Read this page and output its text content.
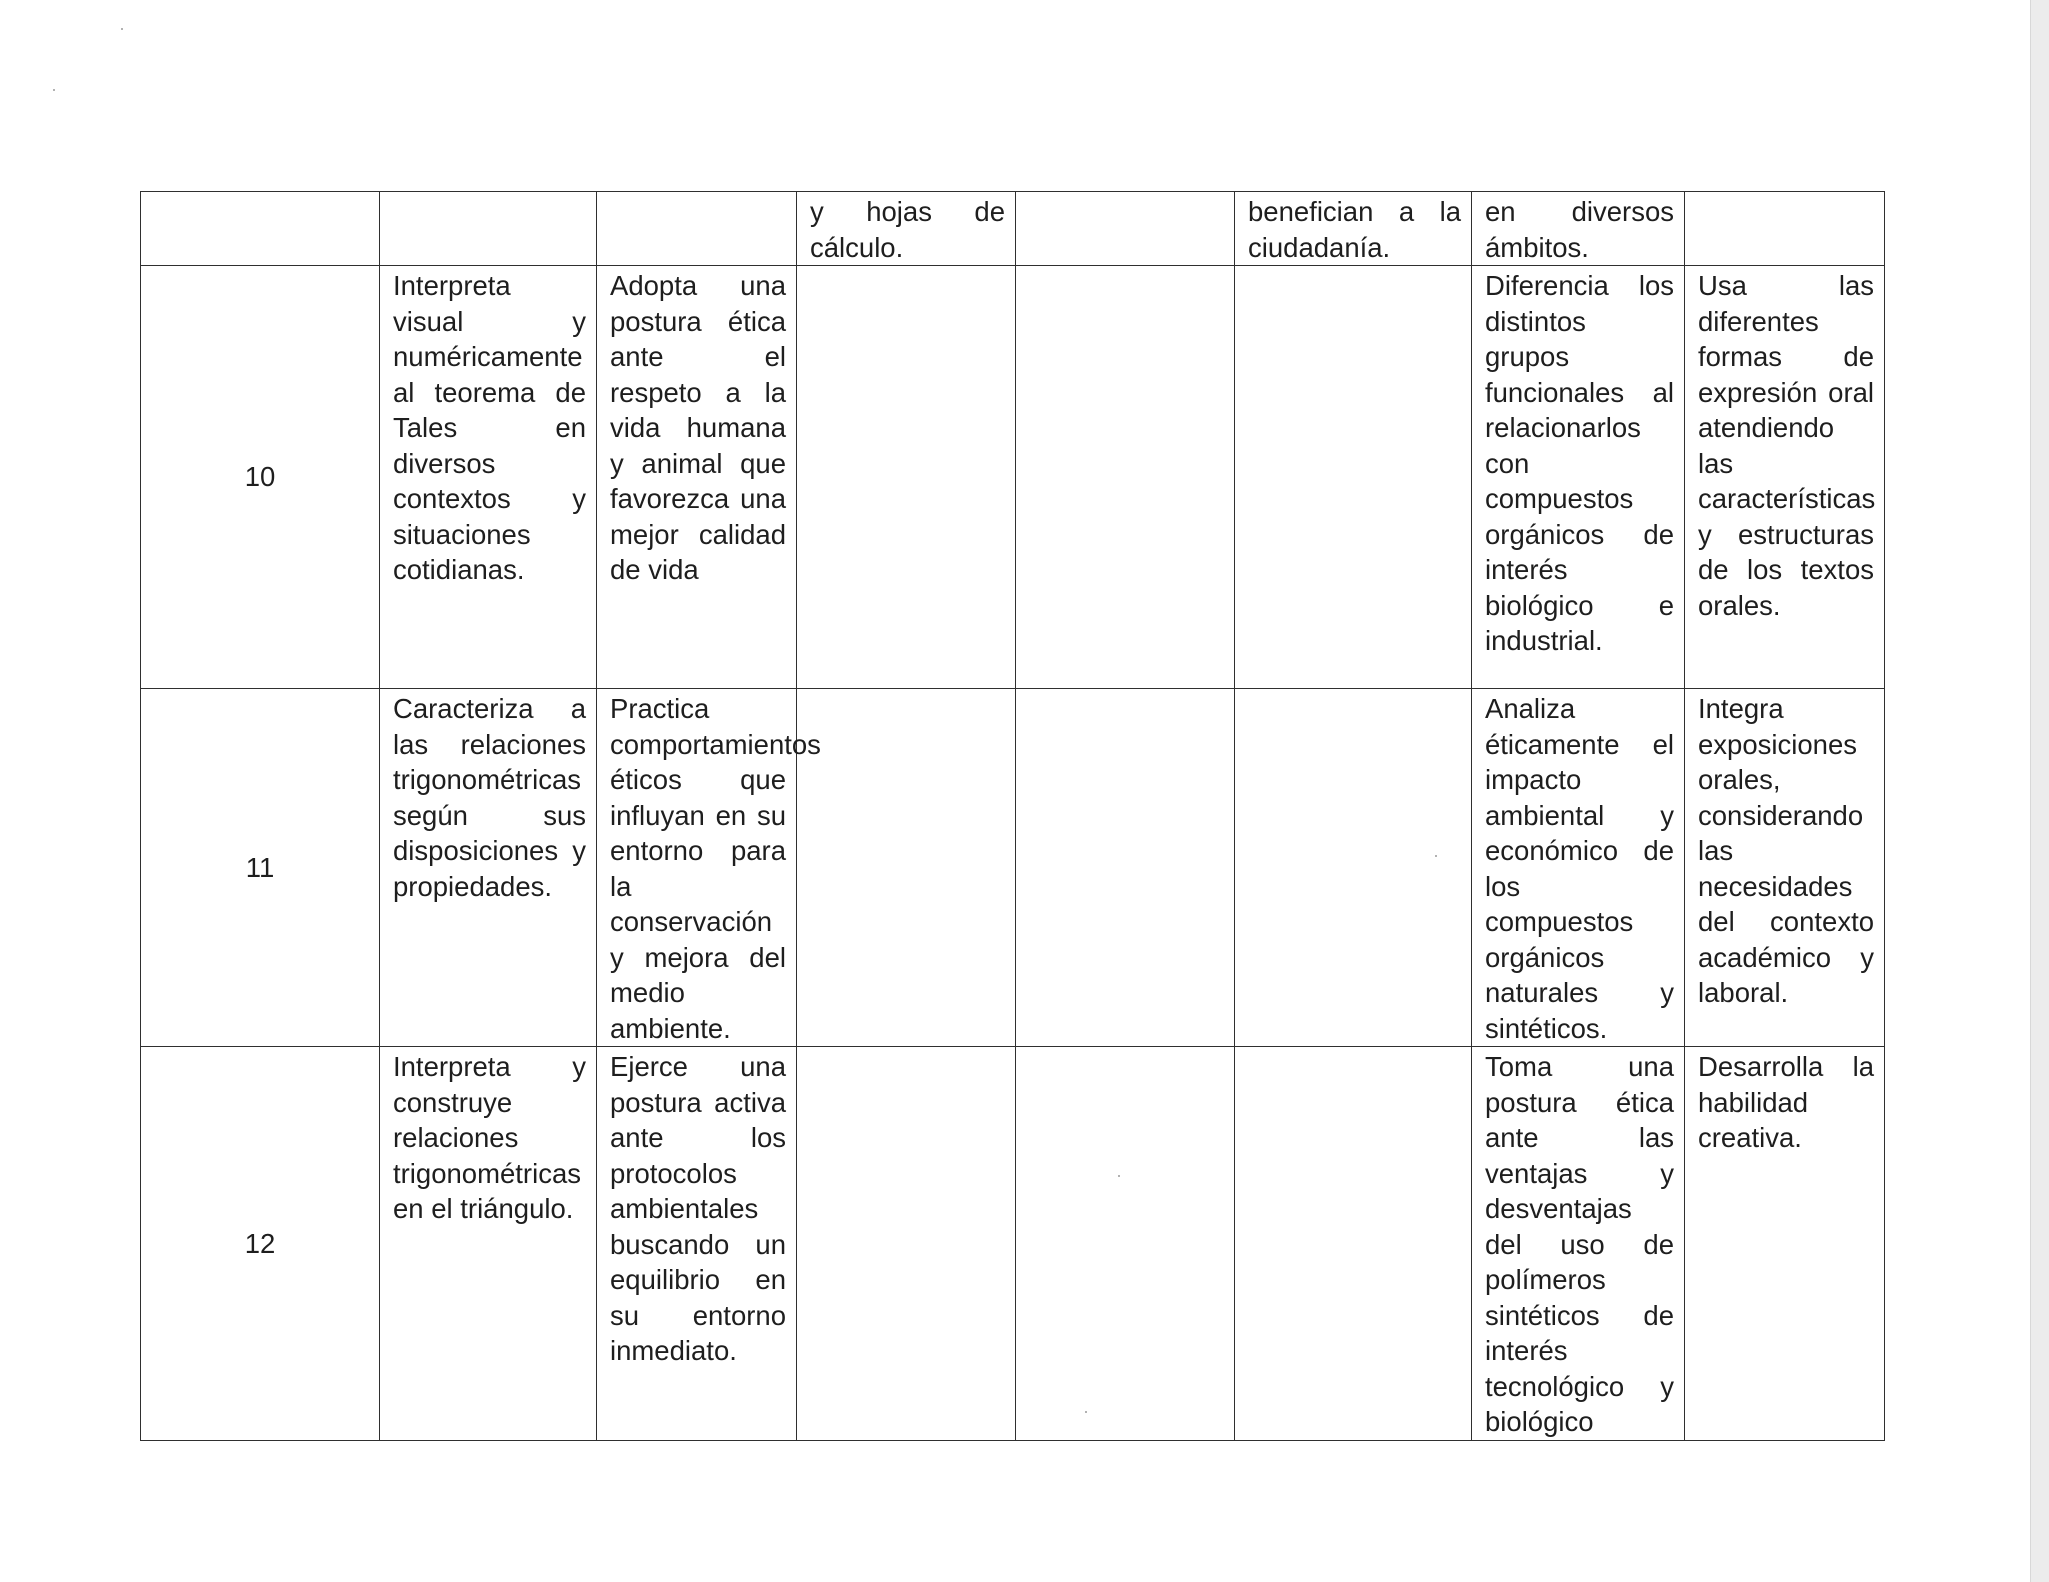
			y hojas de cálculo.		benefician a la ciudadanía.	en diversos ámbitos.	
10	Interpreta visual y numéricamente al teorema de Tales en diversos contextos y situaciones cotidianas.	Adopta una postura ética ante el respeto a la vida humana y animal que favorezca una mejor calidad de vida				Diferencia los distintos grupos funcionales al relacionarlos con compuestos orgánicos de interés biológico e industrial.	Usa las diferentes formas de expresión oral atendiendo las características y estructuras de los textos orales.
11	Caracteriza a las relaciones trigonométricas según sus disposiciones y propiedades.	Practica comportamientos éticos que influyan en su entorno para la conservación y mejora del medio ambiente.				Analiza éticamente el impacto ambiental y económico de los compuestos orgánicos naturales y sintéticos.	Integra exposiciones orales, considerando las necesidades del contexto académico y laboral.
12	Interpreta y construye relaciones trigonométricas en el triángulo.	Ejerce una postura activa ante los protocolos ambientales buscando un equilibrio en su entorno inmediato.				Toma una postura ética ante las ventajas y desventajas del uso de polímeros sintéticos de interés tecnológico y biológico	Desarrolla la habilidad creativa.
